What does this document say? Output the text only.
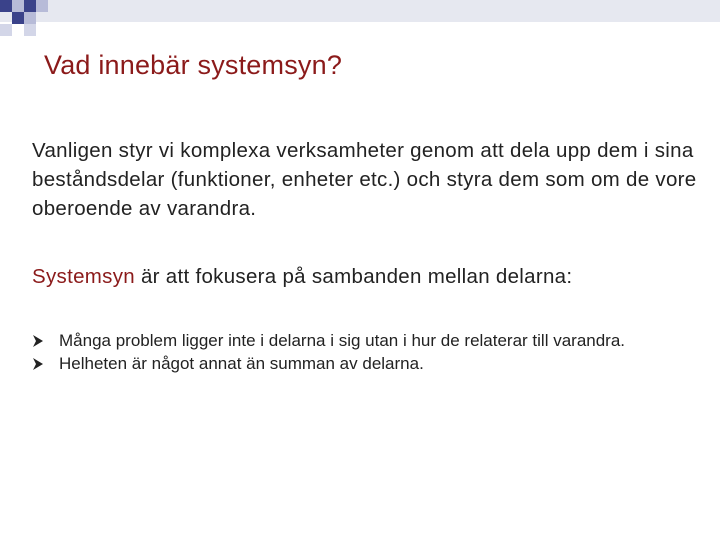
Vad innebär systemsyn?
Vanligen styr vi komplexa verksamheter genom att dela upp dem i sina beståndsdelar (funktioner, enheter etc.) och styra dem som om de vore oberoende av varandra.
Systemsyn är att fokusera på sambanden mellan delarna:
Många problem ligger inte i delarna i sig utan i hur de relaterar till varandra.
Helheten är något annat än summan av delarna.
